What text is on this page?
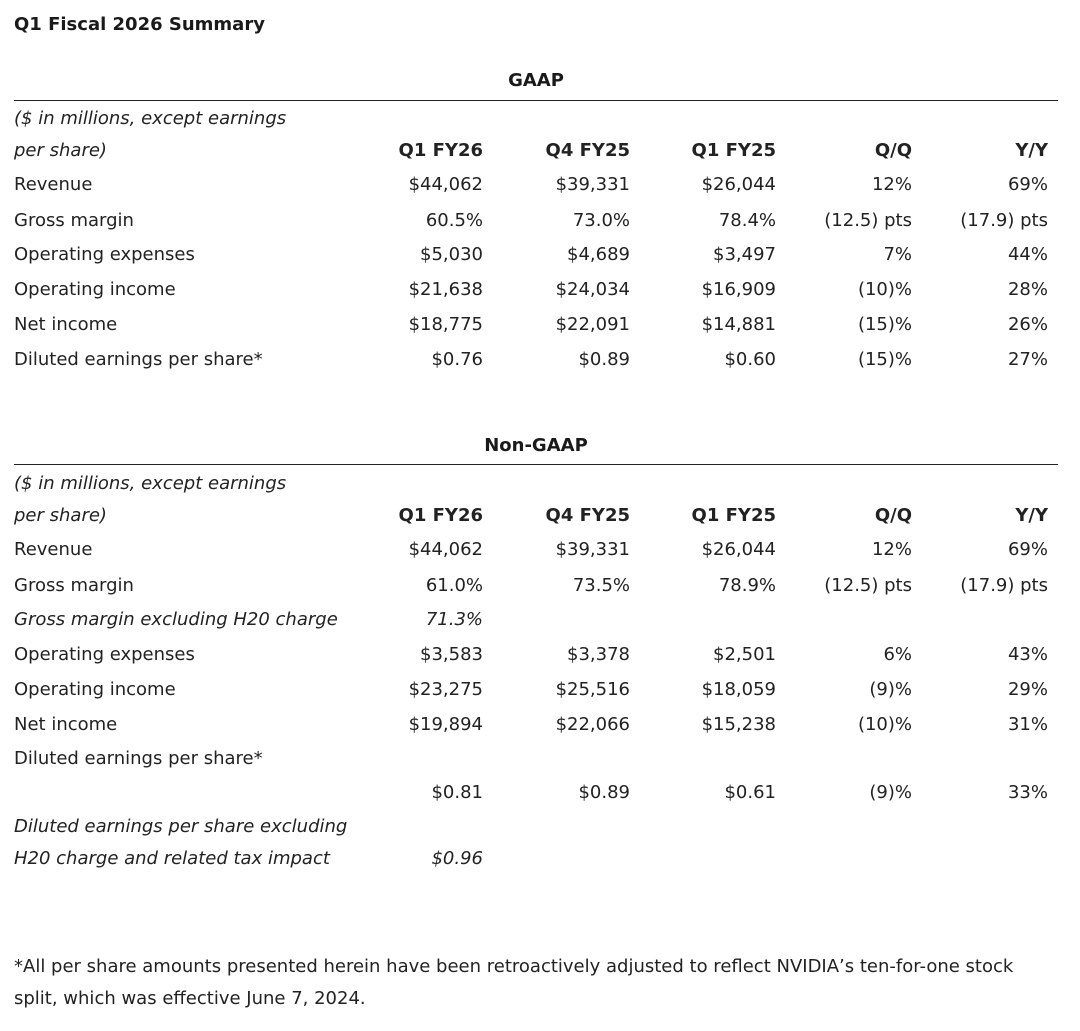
Q1 Fiscal 2026 Summary
GAAP
($ in millions, except earnings
per share)	Q1 FY26	Q4 FY25	Q1 FY25	Q/Q	Y/Y
Revenue	$44,062	$39,331	$26,044	12%	69%
Gross margin	60.5%	73.0%	78.4%	(12.5) pts	(17.9) pts
Operating expenses	$5,030	$4,689	$3,497	7%	44%
Operating income	$21,638	$24,034	$16,909	(10)%	28%
Net income	$18,775	$22,091	$14,881	(15)%	26%
Diluted earnings per share*	$0.76	$0.89	$0.60	(15)%	27%
Non-GAAP
($ in millions, except earnings
per share)	Q1 FY26	Q4 FY25	Q1 FY25	Q/Q	Y/Y
Revenue	$44,062	$39,331	$26,044	12%	69%
Gross margin	61.0%	73.5%	78.9%	(12.5) pts	(17.9) pts
Gross margin excluding H20 charge	71.3%
Operating expenses	$3,583	$3,378	$2,501	6%	43%
Operating income	$23,275	$25,516	$18,059	(9)%	29%
Net income	$19,894	$22,066	$15,238	(10)%	31%
Diluted earnings per share*
$0.81	$0.89	$0.61	(9)%	33%
Diluted earnings per share excluding
H20 charge and related tax impact	$0.96
*All per share amounts presented herein have been retroactively adjusted to reflect NVIDIA’s ten-for-one stock split, which was effective June 7, 2024.
